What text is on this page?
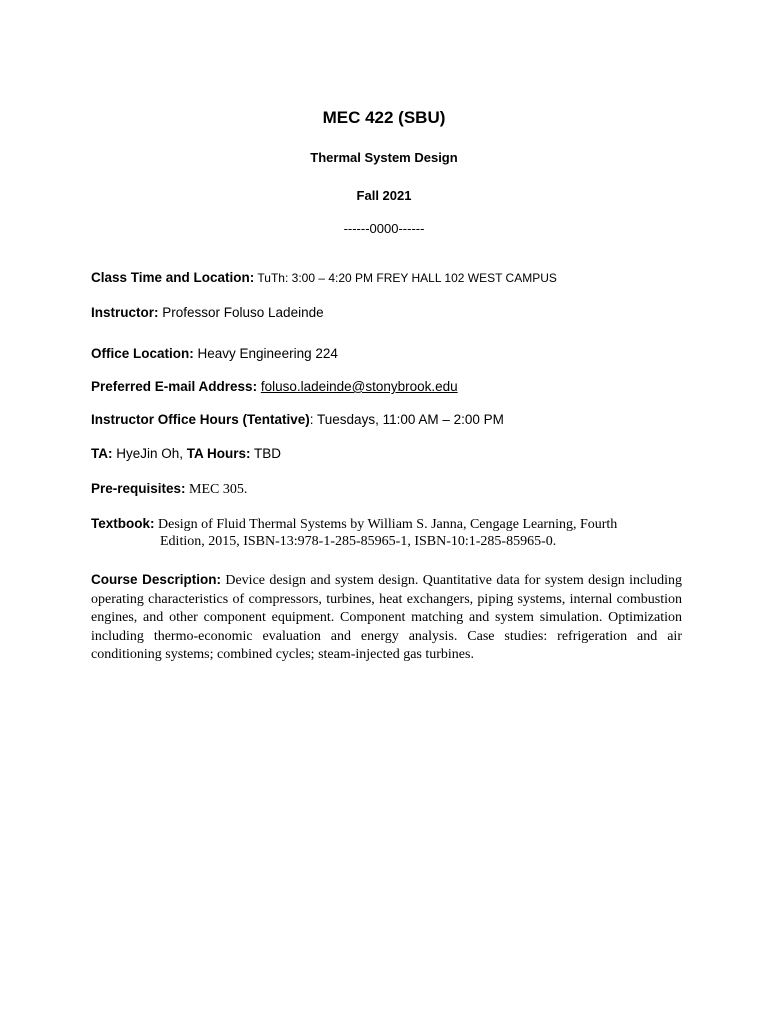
MEC 422 (SBU)
Thermal System Design
Fall 2021
------0000------
Class Time and Location: TuTh: 3:00 – 4:20 PM FREY HALL 102 WEST CAMPUS
Instructor: Professor Foluso Ladeinde
Office Location: Heavy Engineering 224
Preferred E-mail Address: foluso.ladeinde@stonybrook.edu
Instructor Office Hours (Tentative): Tuesdays, 11:00 AM – 2:00 PM
TA: HyeJin Oh, TA Hours: TBD
Pre-requisites: MEC 305.
Textbook: Design of Fluid Thermal Systems by William S. Janna, Cengage Learning, Fourth
Edition, 2015, ISBN-13:978-1-285-85965-1, ISBN-10:1-285-85965-0.
Course Description: Device design and system design. Quantitative data for system design including operating characteristics of compressors, turbines, heat exchangers, piping systems, internal combustion engines, and other component equipment. Component matching and system simulation. Optimization including thermo-economic evaluation and energy analysis. Case studies: refrigeration and air conditioning systems; combined cycles; steam-injected gas turbines.
